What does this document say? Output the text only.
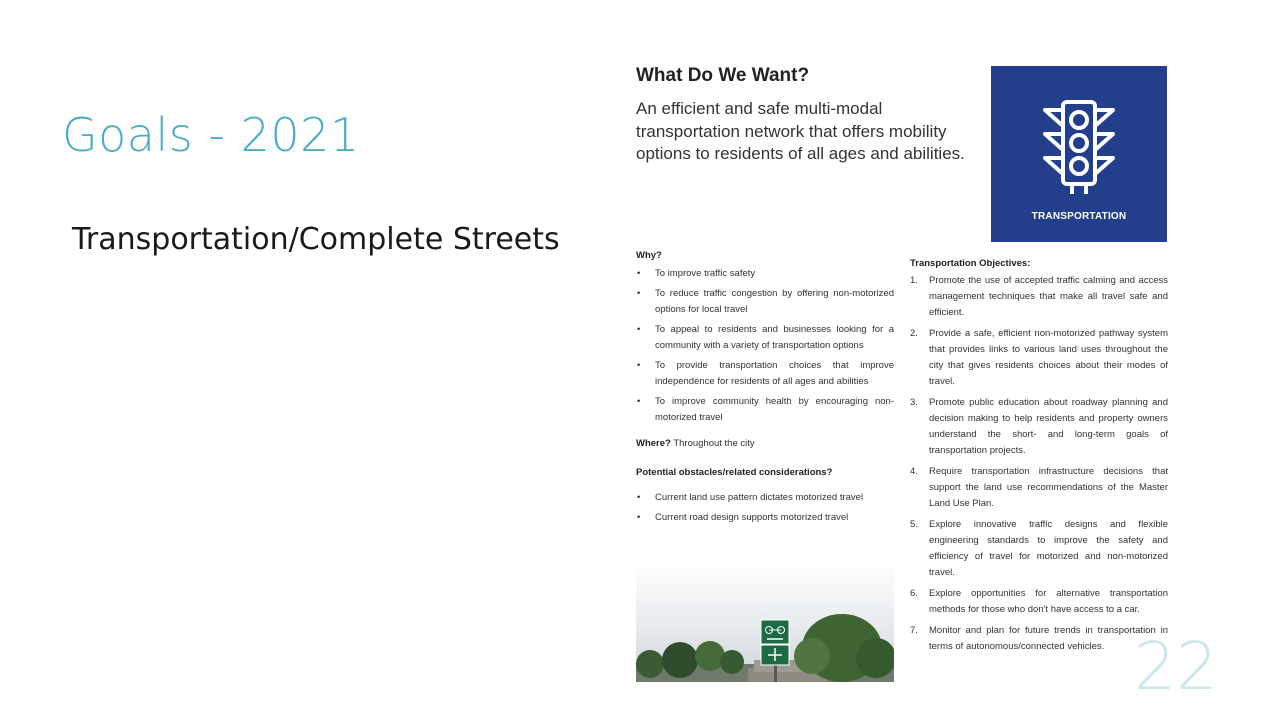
Goals - 2021
Transportation/Complete Streets
What Do We Want?
An efficient and safe multi-modal transportation network that offers mobility options to residents of all ages and abilities.
TRANSPORTATION

Why?

• To improve traffic safety
• To reduce traffic congestion by offering non-motorized options for local travel
• To appeal to residents and businesses looking for a community with a variety of transportation options
• To provide transportation choices that improve independence for residents of all ages and abilities
• To improve community health by encouraging non-motorized travel

Where? Throughout the city

Potential obstacles/related considerations?

• Current land use pattern dictates motorized travel
• Current road design supports motorized travel

Transportation Objectives:

1. Promote the use of accepted traffic calming and access management techniques that make all travel safe and efficient.
2. Provide a safe, efficient non-motorized pathway system that provides links to various land uses throughout the city that gives residents choices about their modes of travel.
3. Promote public education about roadway planning and decision making to help residents and property owners understand the short- and long-term goals of transportation projects.
4. Require transportation infrastructure decisions that support the land use recommendations of the Master Land Use Plan.
5. Explore innovative traffic designs and flexible engineering standards to improve the safety and efficiency of travel for motorized and non-motorized travel.
6. Explore opportunities for alternative transportation methods for those who don't have access to a car.
7. Monitor and plan for future trends in transportation in terms of autonomous/connected vehicles. 22
